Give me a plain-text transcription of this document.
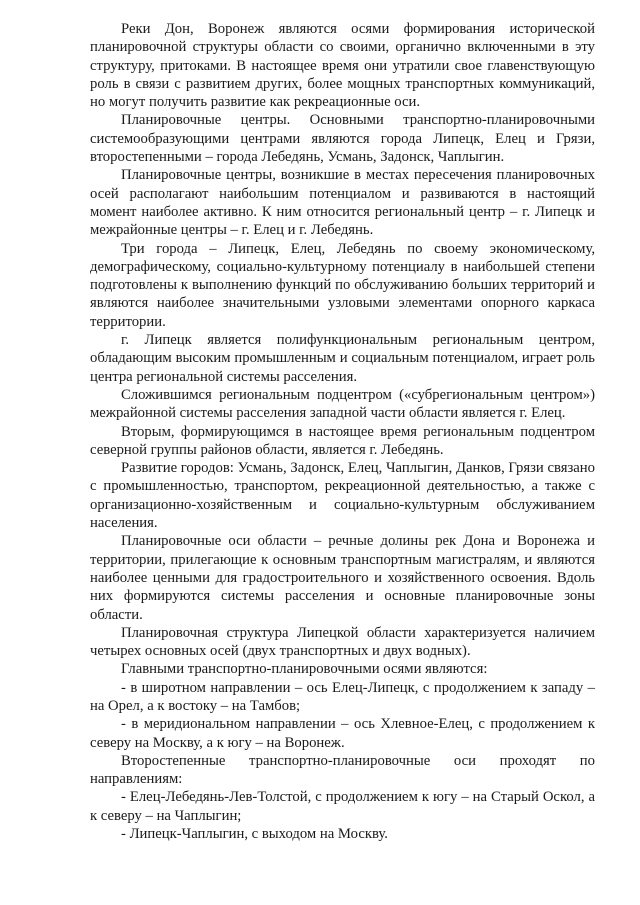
Реки Дон, Воронеж являются осями формирования исторической планировочной структуры области со своими, органично включенными в эту структуру, притоками. В настоящее время они утратили свое главенствующую роль в связи с развитием других, более мощных транспортных коммуникаций, но могут получить развитие как рекреационные оси.

Планировочные центры. Основными транспортно-планировочными системообразующими центрами являются города Липецк, Елец и Грязи, второстепенными – города Лебедянь, Усмань, Задонск, Чаплыгин.

Планировочные центры, возникшие в местах пересечения планировочных осей располагают наибольшим потенциалом и развиваются в настоящий момент наиболее активно. К ним относится региональный центр – г. Липецк и межрайонные центры – г. Елец и г. Лебедянь.

Три города – Липецк, Елец, Лебедянь по своему экономическому, демографическому, социально-культурному потенциалу в наибольшей степени подготовлены к выполнению функций по обслуживанию больших территорий и являются наиболее значительными узловыми элементами опорного каркаса территории.

г. Липецк является полифункциональным региональным центром, обладающим высоким промышленным и социальным потенциалом, играет роль центра региональной системы расселения.

Сложившимся региональным подцентром («субрегиональным центром») межрайонной системы расселения западной части области является г. Елец.

Вторым, формирующимся в настоящее время региональным подцентром северной группы районов области, является г. Лебедянь.

Развитие городов: Усмань, Задонск, Елец, Чаплыгин, Данков, Грязи связано с промышленностью, транспортом, рекреационной деятельностью, а также с организационно-хозяйственным и социально-культурным обслуживанием населения.

Планировочные оси области – речные долины рек Дона и Воронежа и территории, прилегающие к основным транспортным магистралям, и являются наиболее ценными для градостроительного и хозяйственного освоения. Вдоль них формируются системы расселения и основные планировочные зоны области.

Планировочная структура Липецкой области характеризуется наличием четырех основных осей (двух транспортных и двух водных).

Главными транспортно-планировочными осями являются:

- в широтном направлении – ось Елец-Липецк, с продолжением к западу – на Орел, а к востоку – на Тамбов;

- в меридиональном направлении – ось Хлевное-Елец, с продолжением к северу на Москву, а к югу – на Воронеж.

Второстепенные транспортно-планировочные оси проходят по направлениям:

- Елец-Лебедянь-Лев-Толстой, с продолжением к югу – на Старый Оскол, а к северу – на Чаплыгин;

- Липецк-Чаплыгин, с выходом на Москву.
